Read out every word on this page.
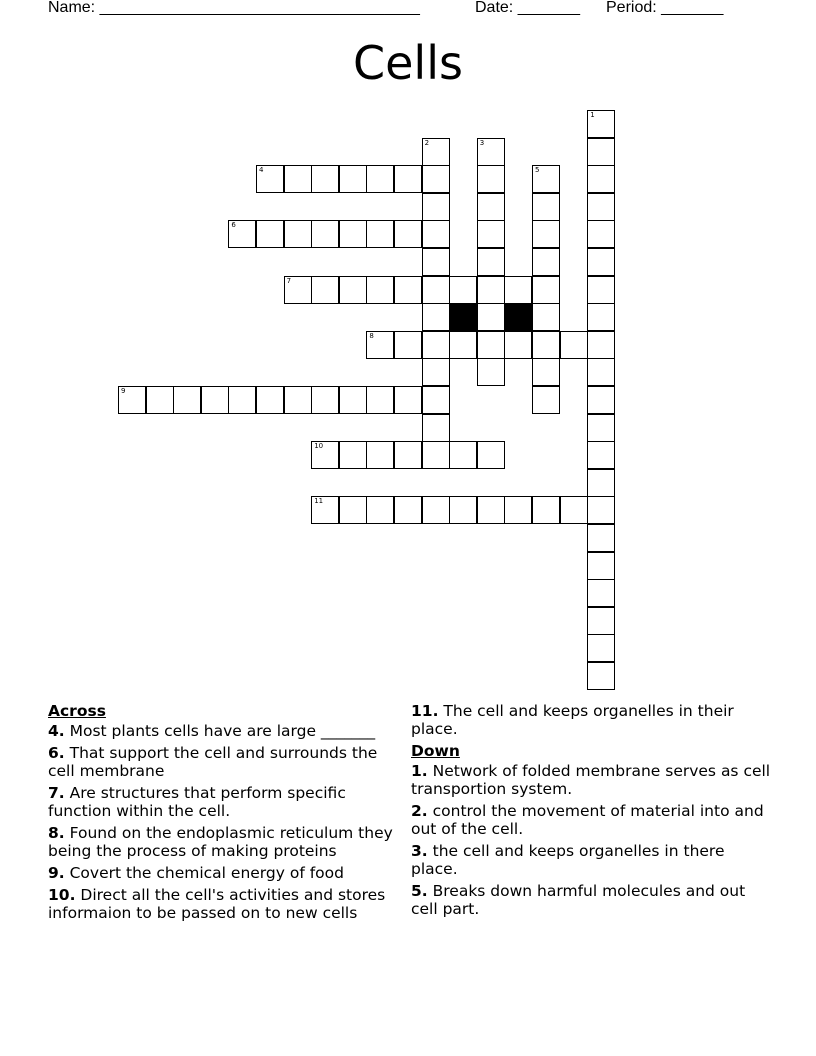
Name: ____________________________________	Date: _______ Period: _______
Cells
1
2	3
5
4
6
7
8
9
10
11
Across
4. Most plants cells have are large _______
6. That support the cell and surrounds the cell membrane
7. Are structures that perform specific function within the cell.
8. Found on the endoplasmic reticulum they being the process of making proteins
9. Covert the chemical energy of food
10. Direct all the cell's activities and stores informaion to be passed on to new cells
11. The cell and keeps organelles in their place.
Down
1. Network of folded membrane serves as cell transportion system.
2. control the movement of material into and out of the cell.
3. the cell and keeps organelles in there place.
5. Breaks down harmful molecules and out cell part.
